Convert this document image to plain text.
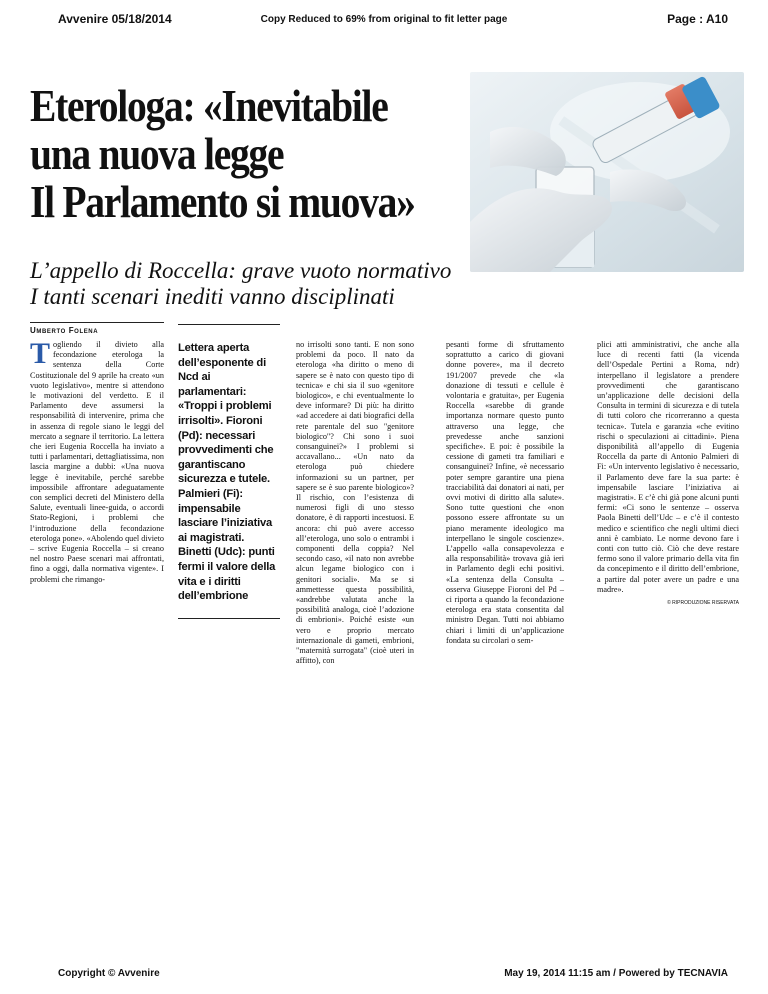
Avvenire 05/18/2014	Copy Reduced to 69% from original to fit letter page	Page : A10
Eterologa: «Inevitabile
una nuova legge
Il Parlamento si muova»
L’appello di Roccella: grave vuoto normativo
I tanti scenari inediti vanno disciplinati
Umberto Folena
T ogliendo il divieto alla fecondazione eterologa la sentenza della Corte Costituzionale del 9 aprile ha creato «un vuoto legislativo», mentre si attendono le motivazioni del verdetto. E il Parlamento deve assumersi la responsabilità di intervenire, prima che in assenza di regole siano le leggi del mercato a segnare il territorio. La lettera che ieri Eugenia Roccella ha inviato a tutti i parlamentari, dettagliatissima, non lascia margine a dubbi: «Una nuova legge è inevitabile, perché sarebbe impossibile affrontare adeguatamente con semplici decreti del Ministero della Salute, eventuali linee-guida, o accordi Stato-Regioni, i problemi che l’introduzione della fecondazione eterologa pone». «Abolendo quel divieto – scrive Eugenia Roccella – si creano nel nostro Paese scenari mai affrontati, fino a oggi, dalla normativa vigente». I problemi che rimango-

Lettera aperta dell’esponente di Ncd ai parlamentari: «Troppi i problemi irrisolti». Fioroni (Pd): necessari provvedimenti che garantiscano sicurezza e tutele. Palmieri (Fi): impensabile lasciare l’iniziativa ai magistrati. Binetti (Udc): punti fermi il valore della vita e i diritti dell’embrione

no irrisolti sono tanti. E non sono problemi da poco. Il nato da eterologa «ha diritto o meno di sapere se è nato con questo tipo di tecnica» e chi sia il suo «genitore biologico», e chi eventualmente lo deve informare? Di più: ha diritto «ad accedere ai dati biografici della rete parentale del suo "genitore biologico"? Chi sono i suoi consanguinei?» I problemi si accavallano... «Un nato da eterologa può chiedere informazioni su un partner, per sapere se è suo parente biologico»? Il rischio, con l’esistenza di numerosi figli di uno stesso donatore, è di rapporti incestuosi. E ancora: chi può avere accesso all’eterologa, uno solo o entrambi i componenti della coppia? Nel secondo caso, «il nato non avrebbe alcun legame biologico con i genitori sociali». Ma se si ammettesse questa possibilità, «andrebbe valutata anche la possibilità analoga, cioè l’adozione di embrioni». Poiché esiste «un vero e proprio mercato internazionale di gameti, embrioni, "maternità surrogata" (cioè uteri in affitto), con

pesanti forme di sfruttamento soprattutto a carico di giovani donne povere», ma il decreto 191/2007 prevede che «la donazione di tessuti e cellule è volontaria e gratuita», per Eugenia Roccella «sarebbe di grande importanza normare questo punto attraverso una legge, che prevedesse anche sanzioni specifiche». E poi: è possibile la cessione di gameti tra familiari e consanguinei? Infine, «è necessario poter sempre garantire una piena tracciabilità dai donatori ai nati, per ovvi motivi di diritto alla salute». Sono tutte questioni che «non possono essere affrontate su un piano meramente ideologico ma interpellano le singole coscienze». L’appello «alla consapevolezza e alla responsabilità» trovava già ieri in Parlamento degli echi positivi. «La sentenza della Consulta – osserva Giuseppe Fioroni del Pd – ci riporta a quando la fecondazione eterologa era stata consentita dal ministro Degan. Tutti noi abbiamo chiari i limiti di un’applicazione fondata su circolari o sem-

plici atti amministrativi, che anche alla luce di recenti fatti (la vicenda dell’Ospedale Pertini a Roma, ndr) interpellano il legislatore a prendere provvedimenti che garantiscano un’applicazione delle decisioni della Consulta in termini di sicurezza e di tutela di tutti coloro che ricorreranno a questa tecnica». Tutela e garanzia «che evitino rischi o speculazioni ai cittadini». Piena disponibilità all’appello di Eugenia Roccella da parte di Antonio Palmieri di Fi: «Un intervento legislativo è necessario, il Parlamento deve fare la sua parte: è impensabile lasciare l’iniziativa ai magistrati». E c’è chi già pone alcuni punti fermi: «Ci sono le sentenze – osserva Paola Binetti dell’Udc – e c’è il contesto medico e scientifico che negli ultimi dieci anni è cambiato. Le norme devono fare i conti con tutto ciò. Ciò che deve restare fermo sono il valore primario della vita fin da concepimento e il diritto dell’embrione, a partire dal poter avere un padre e una madre».

© RIPRODUZIONE RISERVATA
Copyright © Avvenire	May 19, 2014 11:15 am / Powered by TECNAVIA
